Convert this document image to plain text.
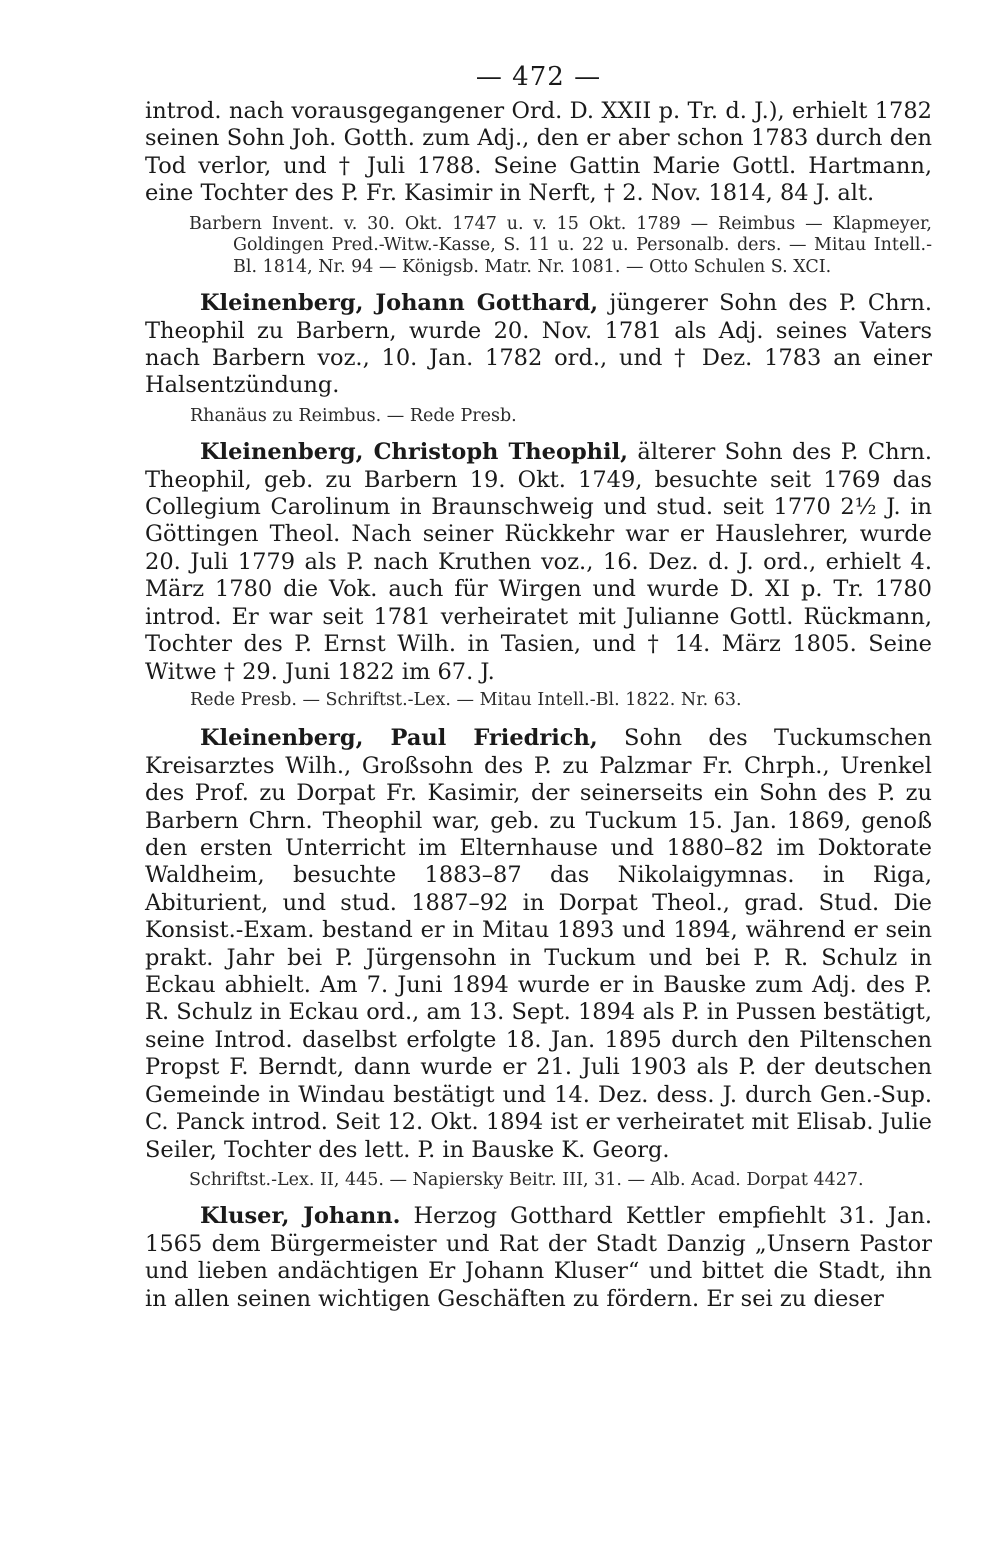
— 472 —

introd. nach vorausgegangener Ord. D. XXII p. Tr. d. J.), erhielt 1782 seinen Sohn Joh. Gotth. zum Adj., den er aber schon 1783 durch den Tod verlor, und † Juli 1788. Seine Gattin Marie Gottl. Hartmann, eine Tochter des P. Fr. Kasimir in Nerft, † 2. Nov. 1814, 84 J. alt.

Barbern Invent. v. 30. Okt. 1747 u. v. 15 Okt. 1789 — Reimbus — Klapmeyer, Goldingen Pred.-Witw.-Kasse, S. 11 u. 22 u. Personalb. ders. — Mitau Intell.-Bl. 1814, Nr. 94 — Königsb. Matr. Nr. 1081. — Otto Schulen S. XCI.

Kleinenberg, Johann Gotthard, jüngerer Sohn des P. Chrn. Theophil zu Barbern, wurde 20. Nov. 1781 als Adj. seines Vaters nach Barbern voz., 10. Jan. 1782 ord., und † Dez. 1783 an einer Halsentzündung.

Rhanäus zu Reimbus. — Rede Presb.

Kleinenberg, Christoph Theophil, älterer Sohn des P. Chrn. Theophil, geb. zu Barbern 19. Okt. 1749, besuchte seit 1769 das Collegium Carolinum in Braunschweig und stud. seit 1770 2½ J. in Göttingen Theol. Nach seiner Rückkehr war er Hauslehrer, wurde 20. Juli 1779 als P. nach Kruthen voz., 16. Dez. d. J. ord., erhielt 4. März 1780 die Vok. auch für Wirgen und wurde D. XI p. Tr. 1780 introd. Er war seit 1781 verheiratet mit Julianne Gottl. Rückmann, Tochter des P. Ernst Wilh. in Tasien, und † 14. März 1805. Seine Witwe † 29. Juni 1822 im 67. J.

Rede Presb. — Schriftst.-Lex. — Mitau Intell.-Bl. 1822. Nr. 63.

Kleinenberg, Paul Friedrich, Sohn des Tuckumschen Kreisarztes Wilh., Großsohn des P. zu Palzmar Fr. Chrph., Urenkel des Prof. zu Dorpat Fr. Kasimir, der seinerseits ein Sohn des P. zu Barbern Chrn. Theophil war, geb. zu Tuckum 15. Jan. 1869, genoß den ersten Unterricht im Elternhause und 1880–82 im Doktorate Waldheim, besuchte 1883–87 das Nikolaigymnas. in Riga, Abiturient, und stud. 1887–92 in Dorpat Theol., grad. Stud. Die Konsist.-Exam. bestand er in Mitau 1893 und 1894, während er sein prakt. Jahr bei P. Jürgensohn in Tuckum und bei P. R. Schulz in Eckau abhielt. Am 7. Juni 1894 wurde er in Bauske zum Adj. des P. R. Schulz in Eckau ord., am 13. Sept. 1894 als P. in Pussen bestätigt, seine Introd. daselbst erfolgte 18. Jan. 1895 durch den Piltenschen Propst F. Berndt, dann wurde er 21. Juli 1903 als P. der deutschen Gemeinde in Windau bestätigt und 14. Dez. dess. J. durch Gen.-Sup. C. Panck introd. Seit 12. Okt. 1894 ist er verheiratet mit Elisab. Julie Seiler, Tochter des lett. P. in Bauske K. Georg.

Schriftst.-Lex. II, 445. — Napiersky Beitr. III, 31. — Alb. Acad. Dorpat 4427.

Kluser, Johann. Herzog Gotthard Kettler empfiehlt 31. Jan. 1565 dem Bürgermeister und Rat der Stadt Danzig „Unsern Pastor und lieben andächtigen Er Johann Kluser“ und bittet die Stadt, ihn in allen seinen wichtigen Geschäften zu fördern. Er sei zu dieser
